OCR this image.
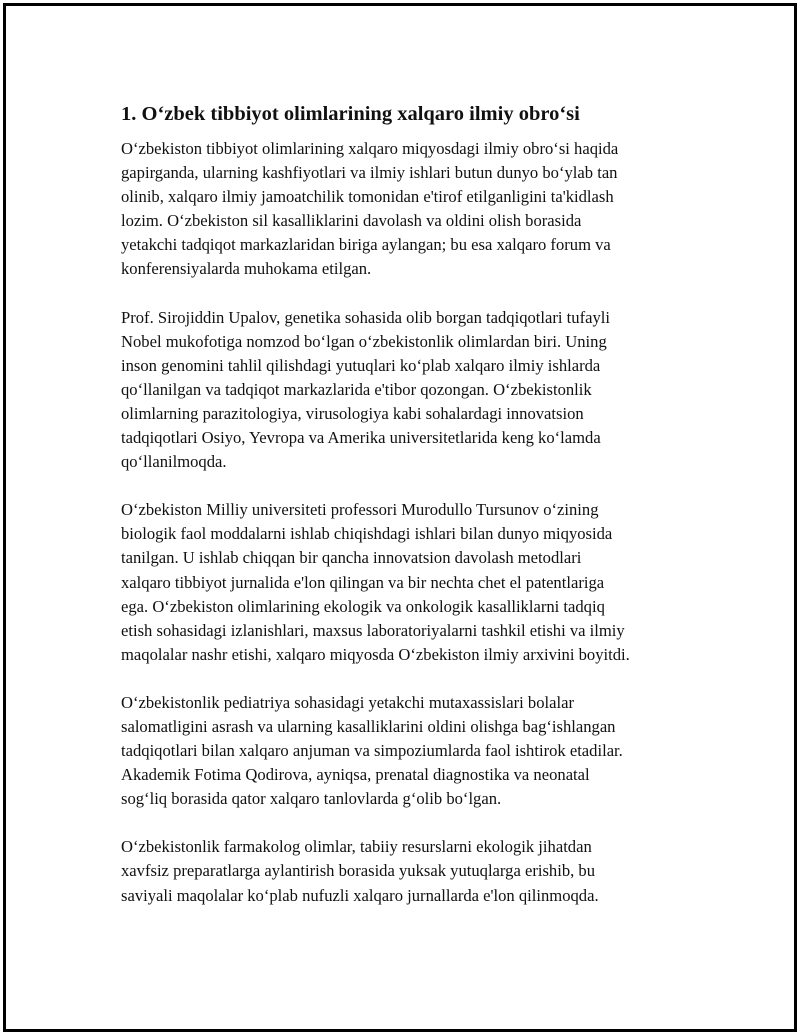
1. O‘zbek tibbiyot olimlarining xalqaro ilmiy obro‘si

O‘zbekiston tibbiyot olimlarining xalqaro miqyosdagi ilmiy obro‘si haqida
gapirganda, ularning kashfiyotlari va ilmiy ishlari butun dunyo bo‘ylab tan
olinib, xalqaro ilmiy jamoatchilik tomonidan e'tirof etilganligini ta'kidlash
lozim. O‘zbekiston sil kasalliklarini davolash va oldini olish borasida
yetakchi tadqiqot markazlaridan biriga aylangan; bu esa xalqaro forum va
konferensiyalarda muhokama etilgan.

Prof. Sirojiddin Upalov, genetika sohasida olib borgan tadqiqotlari tufayli
Nobel mukofotiga nomzod bo‘lgan o‘zbekistonlik olimlardan biri. Uning
inson genomini tahlil qilishdagi yutuqlari ko‘plab xalqaro ilmiy ishlarda
qo‘llanilgan va tadqiqot markazlarida e'tibor qozongan. O‘zbekistonlik
olimlarning parazitologiya, virusologiya kabi sohalardagi innovatsion
tadqiqotlari Osiyo, Yevropa va Amerika universitetlarida keng ko‘lamda
qo‘llanilmoqda.

O‘zbekiston Milliy universiteti professori Murodullo Tursunov o‘zining
biologik faol moddalarni ishlab chiqishdagi ishlari bilan dunyo miqyosida
tanilgan. U ishlab chiqqan bir qancha innovatsion davolash metodlari
xalqaro tibbiyot jurnalida e'lon qilingan va bir nechta chet el patentlariga
ega. O‘zbekiston olimlarining ekologik va onkologik kasalliklarni tadqiq
etish sohasidagi izlanishlari, maxsus laboratoriyalarni tashkil etishi va ilmiy
maqolalar nashr etishi, xalqaro miqyosda O‘zbekiston ilmiy arxivini boyitdi.

O‘zbekistonlik pediatriya sohasidagi yetakchi mutaxassislari bolalar
salomatligini asrash va ularning kasalliklarini oldini olishga bag‘ishlangan
tadqiqotlari bilan xalqaro anjuman va simpoziumlarda faol ishtirok etadilar.
Akademik Fotima Qodirova, ayniqsa, prenatal diagnostika va neonatal
sog‘liq borasida qator xalqaro tanlovlarda g‘olib bo‘lgan.

O‘zbekistonlik farmakolog olimlar, tabiiy resurslarni ekologik jihatdan
xavfsiz preparatlarga aylantirish borasida yuksak yutuqlarga erishib, bu
saviyali maqolalar ko‘plab nufuzli xalqaro jurnallarda e'lon qilinmoqda.
